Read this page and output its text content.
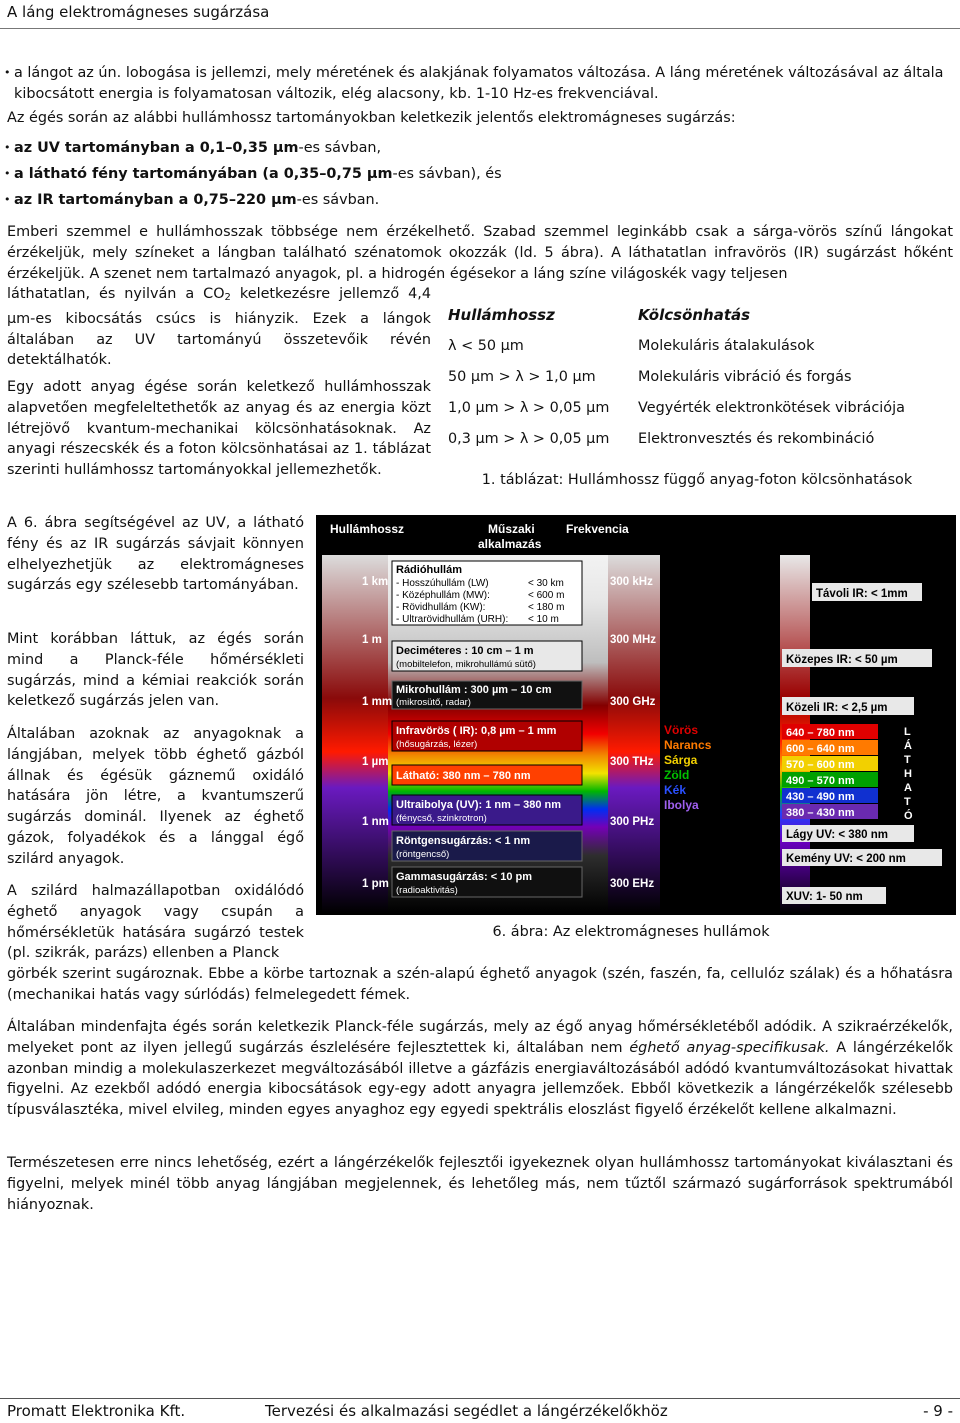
A láng elektromágneses sugárzása
• a lángot az ún. lobogása is jellemzi, mely méretének és alakjának folyamatos változása. A láng méretének változásával az általa kibocsátott energia is folyamatosan változik, elég alacsony, kb. 1-10 Hz-es frekvenciával.
Az égés során az alábbi hullámhossz tartományokban keletkezik jelentős elektromágneses sugárzás:
• az UV tartományban a 0,1–0,35 µm-es sávban,
• a látható fény tartományában (a 0,35–0,75 µm-es sávban), és
• az IR tartományban a 0,75–220 µm-es sávban.
Emberi szemmel e hullámhosszak többsége nem érzékelhető. Szabad szemmel leginkább csak a sárga-vörös színű lángokat érzékeljük, mely színeket a lángban található szénatomok okozzák (ld. 5 ábra). A láthatatlan infravörös (IR) sugárzást hőként érzékeljük. A szenet nem tartalmazó anyagok, pl. a hidrogén égésekor a láng színe világoskék vagy teljesen
láthatatlan, és nyilván a CO2 keletkezésre jellemző 4,4
µm-es kibocsátás csúcs is hiányzik. Ezek a lángok általában az UV tartományú összetevőik révén detektálhatók.
Hullámhossz	Kölcsönhatás
λ < 50 µm	Molekuláris átalakulások
50 µm > λ > 1,0 µm	Molekuláris vibráció és forgás
1,0 µm > λ > 0,05 µm	Vegyérték elektronkötések vibrációja
0,3 µm > λ > 0,05 µm	Elektronvesztés és rekombináció
1. táblázat: Hullámhossz függő anyag-foton kölcsönhatások
Egy adott anyag égése során keletkező hullámhosszak alapvetően megfeleltethetők az anyag és az energia közt létrejövő kvantum-mechanikai kölcsönhatásoknak. Az anyagi részecskék és a foton kölcsönhatásai az 1. táblázat szerinti hullámhossz tartományokkal jellemezhetők.
A 6. ábra segítségével az UV, a látható fény és az IR sugárzás sávjait könnyen elhelyezhetjük az elektromágneses sugárzás egy szélesebb tartományában.
Mint korábban láttuk, az égés során mind a Planck-féle hőmérsékleti sugárzás, mind a kémiai reakciók során keletkező sugárzás jelen van.
Általában azoknak az anyagoknak a lángjában, melyek több éghető gázból állnak és égésük gáznemű oxidáló hatására jön létre, a kvantumszerű sugárzás dominál. Ilyenek az éghető gázok, folyadékok és a lánggal égő szilárd anyagok.
A szilárd halmazállapotban oxidálódó éghető anyagok vagy csupán a hőmérsékletük hatására sugárzó testek (pl. szikrák, parázs) ellenben a Planck
görbék szerint sugároznak. Ebbe a körbe tartoznak a szén-alapú éghető anyagok (szén, faszén, fa, cellulóz szálak) és a hőhatásra (mechanikai hatás vagy súrlódás) felmelegedett fémek.
Általában mindenfajta égés során keletkezik Planck-féle sugárzás, mely az égő anyag hőmérsékletéből adódik. A szikraérzékelők, melyeket pont az ilyen jellegű sugárzás észlelésére fejlesztettek ki, általában nem éghető anyag-specifikusak. A lángérzékelők azonban mindig a molekulaszerkezet megváltozásából illetve a gázfázis energiaváltozásából adódó kvantumváltozásokat hivattak figyelni. Az ezekből adódó energia kibocsátások egy-egy adott anyagra jellemzőek. Ebből következik a lángérzékelők szélesebb típusválasztéka, mivel elvileg, minden egyes anyaghoz egy egyedi spektrális eloszlást figyelő érzékelőt kellene alkalmazni.
Természetesen erre nincs lehetőség, ezért a lángérzékelők fejlesztői igyekeznek olyan hullámhossz tartományokat kiválasztani és figyelni, melyek minél több anyag lángjában megjelennek, és lehetőleg más, nem tűztől származó sugárforrások spektrumából hiányoznak.
Hullámhossz	Műszaki
alkalmazás
Frekvencia
1 km
1 m
1 mm
1 µm
1 nm
1 pm
300 kHz
300 MHz
300 GHz
300 THz
300 PHz
300 EHz
Rádióhullám
- Hosszúhullám (LW)	< 30 km
- Középhullám (MW):	< 600 m
- Rövidhullám (KW):	< 180 m
- Ultrarövidhullám (URH): < 10 m
Deciméteres : 10 cm – 1 m
(mobiltelefon, mikrohullámú sütő)
Mikrohullám : 300 µm – 10 cm
(mikrosütő, radar)
Infravörös ( IR): 0,8 µm – 1 mm
(hősugárzás, lézer)
Látható: 380 nm – 780 nm
Ultraibolya (UV): 1 nm – 380 nm
(fénycső, szinkrotron)
Röntgensugárzás: < 1 nm
(röntgencső)
Gammasugárzás: < 10 pm
(radioaktivitás)
Vörös
Narancs
Sárga
Zöld
Kék
Ibolya
Távoli IR: < 1mm
Közepes IR: < 50 µm
Közeli IR: < 2,5 µm
640 – 780 nm
600 – 640 nm
570 – 600 nm
490 – 570 nm
430 – 490 nm
380 – 430 nm
L
Á
T
H
A
T
Ó
Lágy UV: < 380 nm
Kemény UV: < 200 nm
XUV: 1- 50 nm
6. ábra: Az elektromágneses hullámok
Promatt Elektronika Kft.	Tervezési és alkalmazási segédlet a lángérzékelőkhöz	- 9 -
